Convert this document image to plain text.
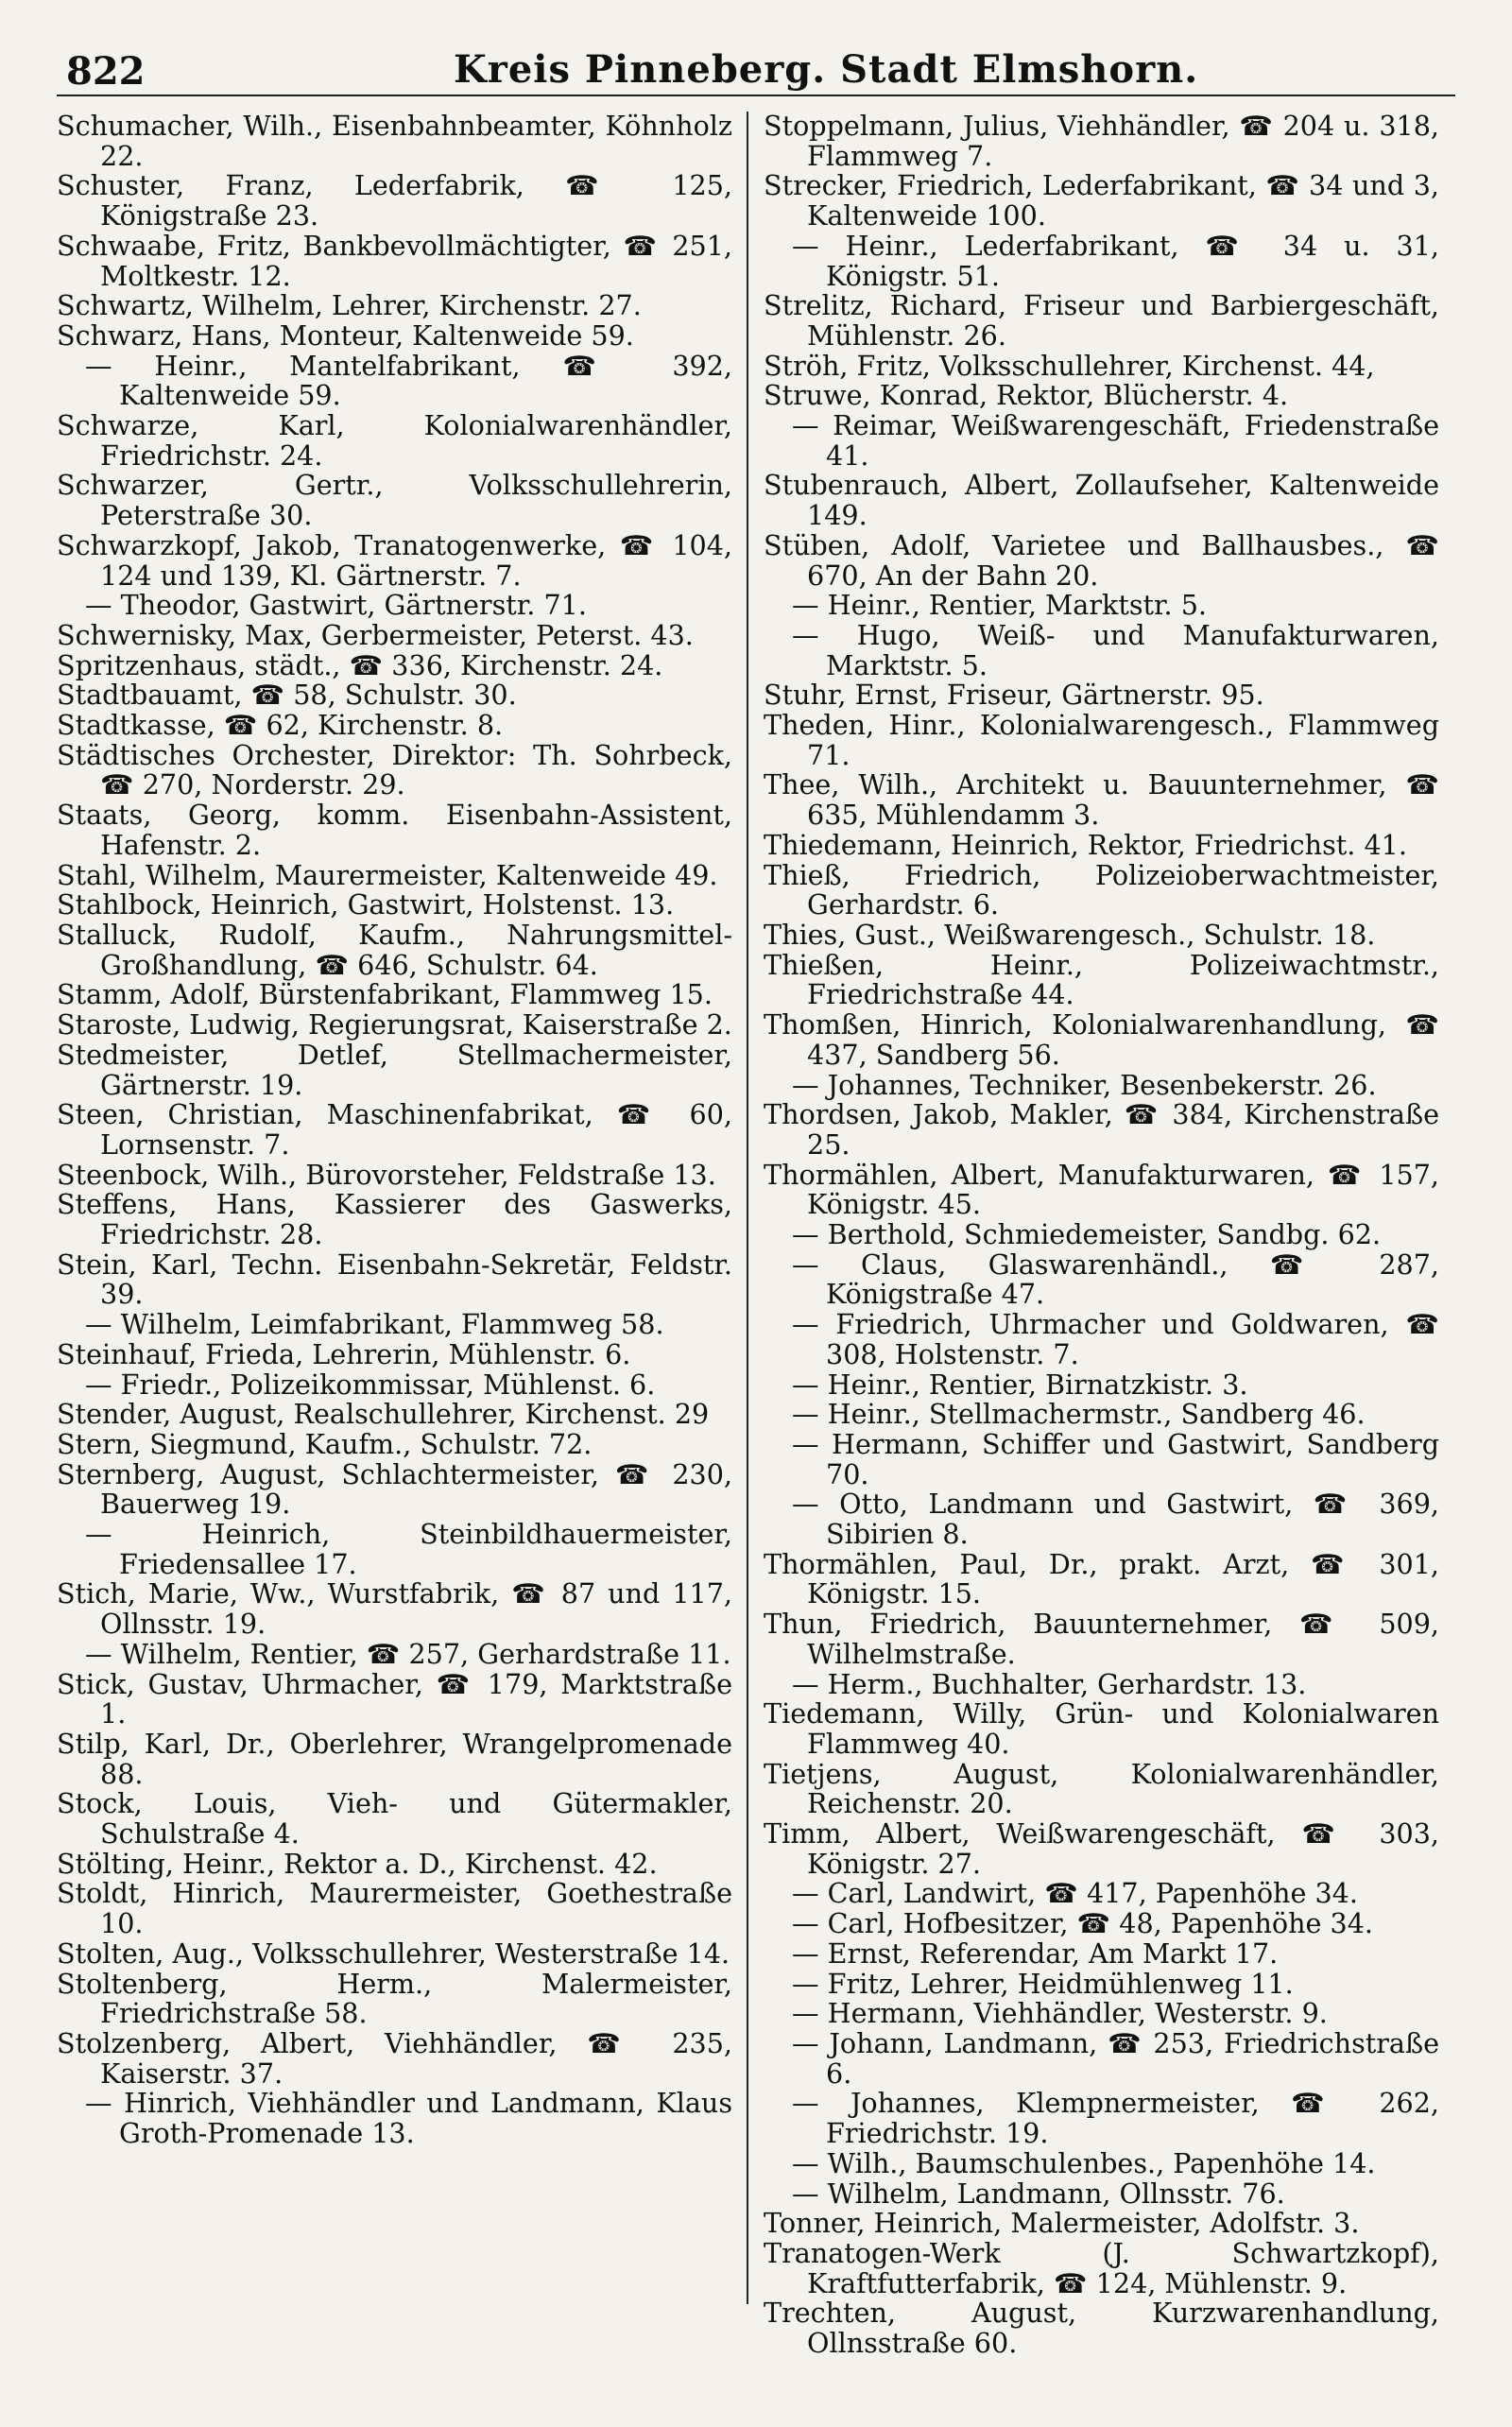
822	Kreis Pinneberg. Stadt Elmshorn.
Schumacher, Wilh., Eisenbahnbeamter, Köhnholz 22.
Schuster, Franz, Lederfabrik, ☎ 125, Königstraße 23.
Schwaabe, Fritz, Bankbevollmächtigter, ☎ 251, Moltkestr. 12.
Schwartz, Wilhelm, Lehrer, Kirchenstr. 27.
Schwarz, Hans, Monteur, Kaltenweide 59.
— Heinr., Mantelfabrikant, ☎ 392, Kaltenweide 59.
Schwarze, Karl, Kolonialwarenhändler, Friedrichstr. 24.
Schwarzer, Gertr., Volksschullehrerin, Peterstraße 30.
Schwarzkopf, Jakob, Tranatogenwerke, ☎ 104, 124 und 139, Kl. Gärtnerstr. 7.
— Theodor, Gastwirt, Gärtnerstr. 71.
Schwernisky, Max, Gerbermeister, Peterst. 43.
Spritzenhaus, städt., ☎ 336, Kirchenstr. 24.
Stadtbauamt, ☎ 58, Schulstr. 30.
Stadtkasse, ☎ 62, Kirchenstr. 8.
Städtisches Orchester, Direktor: Th. Sohrbeck, ☎ 270, Norderstr. 29.
Staats, Georg, komm. Eisenbahn-Assistent, Hafenstr. 2.
Stahl, Wilhelm, Maurermeister, Kaltenweide 49.
Stahlbock, Heinrich, Gastwirt, Holstenst. 13.
Stalluck, Rudolf, Kaufm., Nahrungsmittel-Großhandlung, ☎ 646, Schulstr. 64.
Stamm, Adolf, Bürstenfabrikant, Flammweg 15.
Staroste, Ludwig, Regierungsrat, Kaiserstraße 2.
Stedmeister, Detlef, Stellmachermeister, Gärtnerstr. 19.
Steen, Christian, Maschinenfabrikat, ☎ 60, Lornsenstr. 7.
Steenbock, Wilh., Bürovorsteher, Feldstraße 13.
Steffens, Hans, Kassierer des Gaswerks, Friedrichstr. 28.
Stein, Karl, Techn. Eisenbahn-Sekretär, Feldstr. 39.
— Wilhelm, Leimfabrikant, Flammweg 58.
Steinhauf, Frieda, Lehrerin, Mühlenstr. 6.
— Friedr., Polizeikommissar, Mühlenst. 6.
Stender, August, Realschullehrer, Kirchenst. 29
Stern, Siegmund, Kaufm., Schulstr. 72.
Sternberg, August, Schlachtermeister, ☎ 230, Bauerweg 19.
— Heinrich, Steinbildhauermeister, Friedensallee 17.
Stich, Marie, Ww., Wurstfabrik, ☎ 87 und 117, Ollnsstr. 19.
— Wilhelm, Rentier, ☎ 257, Gerhardstraße 11.
Stick, Gustav, Uhrmacher, ☎ 179, Marktstraße 1.
Stilp, Karl, Dr., Oberlehrer, Wrangelpromenade 88.
Stock, Louis, Vieh- und Gütermakler, Schulstraße 4.
Stölting, Heinr., Rektor a. D., Kirchenst. 42.
Stoldt, Hinrich, Maurermeister, Goethestraße 10.
Stolten, Aug., Volksschullehrer, Westerstraße 14.
Stoltenberg, Herm., Malermeister, Friedrichstraße 58.
Stolzenberg, Albert, Viehhändler, ☎ 235, Kaiserstr. 37.
— Hinrich, Viehhändler und Landmann, Klaus Groth-Promenade 13.
Stoppelmann, Julius, Viehhändler, ☎ 204 u. 318, Flammweg 7.
Strecker, Friedrich, Lederfabrikant, ☎ 34 und 3, Kaltenweide 100.
— Heinr., Lederfabrikant, ☎ 34 u. 31, Königstr. 51.
Strelitz, Richard, Friseur und Barbiergeschäft, Mühlenstr. 26.
Ströh, Fritz, Volksschullehrer, Kirchenst. 44,
Struwe, Konrad, Rektor, Blücherstr. 4.
— Reimar, Weißwarengeschäft, Friedenstraße 41.
Stubenrauch, Albert, Zollaufseher, Kaltenweide 149.
Stüben, Adolf, Varietee und Ballhausbes., ☎ 670, An der Bahn 20.
— Heinr., Rentier, Marktstr. 5.
— Hugo, Weiß- und Manufakturwaren, Marktstr. 5.
Stuhr, Ernst, Friseur, Gärtnerstr. 95.
Theden, Hinr., Kolonialwarengesch., Flammweg 71.
Thee, Wilh., Architekt u. Bauunternehmer, ☎ 635, Mühlendamm 3.
Thiedemann, Heinrich, Rektor, Friedrichst. 41.
Thieß, Friedrich, Polizeioberwachtmeister, Gerhardstr. 6.
Thies, Gust., Weißwarengesch., Schulstr. 18.
Thießen, Heinr., Polizeiwachtmstr., Friedrichstraße 44.
Thomßen, Hinrich, Kolonialwarenhandlung, ☎ 437, Sandberg 56.
— Johannes, Techniker, Besenbekerstr. 26.
Thordsen, Jakob, Makler, ☎ 384, Kirchenstraße 25.
Thormählen, Albert, Manufakturwaren, ☎ 157, Königstr. 45.
— Berthold, Schmiedemeister, Sandbg. 62.
— Claus, Glaswarenhändl., ☎ 287, Königstraße 47.
— Friedrich, Uhrmacher und Goldwaren, ☎ 308, Holstenstr. 7.
— Heinr., Rentier, Birnatzkistr. 3.
— Heinr., Stellmachermstr., Sandberg 46.
— Hermann, Schiffer und Gastwirt, Sandberg 70.
— Otto, Landmann und Gastwirt, ☎ 369, Sibirien 8.
Thormählen, Paul, Dr., prakt. Arzt, ☎ 301, Königstr. 15.
Thun, Friedrich, Bauunternehmer, ☎ 509, Wilhelmstraße.
— Herm., Buchhalter, Gerhardstr. 13.
Tiedemann, Willy, Grün- und Kolonialwaren Flammweg 40.
Tietjens, August, Kolonialwarenhändler, Reichenstr. 20.
Timm, Albert, Weißwarengeschäft, ☎ 303, Königstr. 27.
— Carl, Landwirt, ☎ 417, Papenhöhe 34.
— Carl, Hofbesitzer, ☎ 48, Papenhöhe 34.
— Ernst, Referendar, Am Markt 17.
— Fritz, Lehrer, Heidmühlenweg 11.
— Hermann, Viehhändler, Westerstr. 9.
— Johann, Landmann, ☎ 253, Friedrichstraße 6.
— Johannes, Klempnermeister, ☎ 262, Friedrichstr. 19.
— Wilh., Baumschulenbes., Papenhöhe 14.
— Wilhelm, Landmann, Ollnsstr. 76.
Tonner, Heinrich, Malermeister, Adolfstr. 3.
Tranatogen-Werk (J. Schwartzkopf), Kraftfutterfabrik, ☎ 124, Mühlenstr. 9.
Trechten, August, Kurzwarenhandlung, Ollnsstraße 60.
